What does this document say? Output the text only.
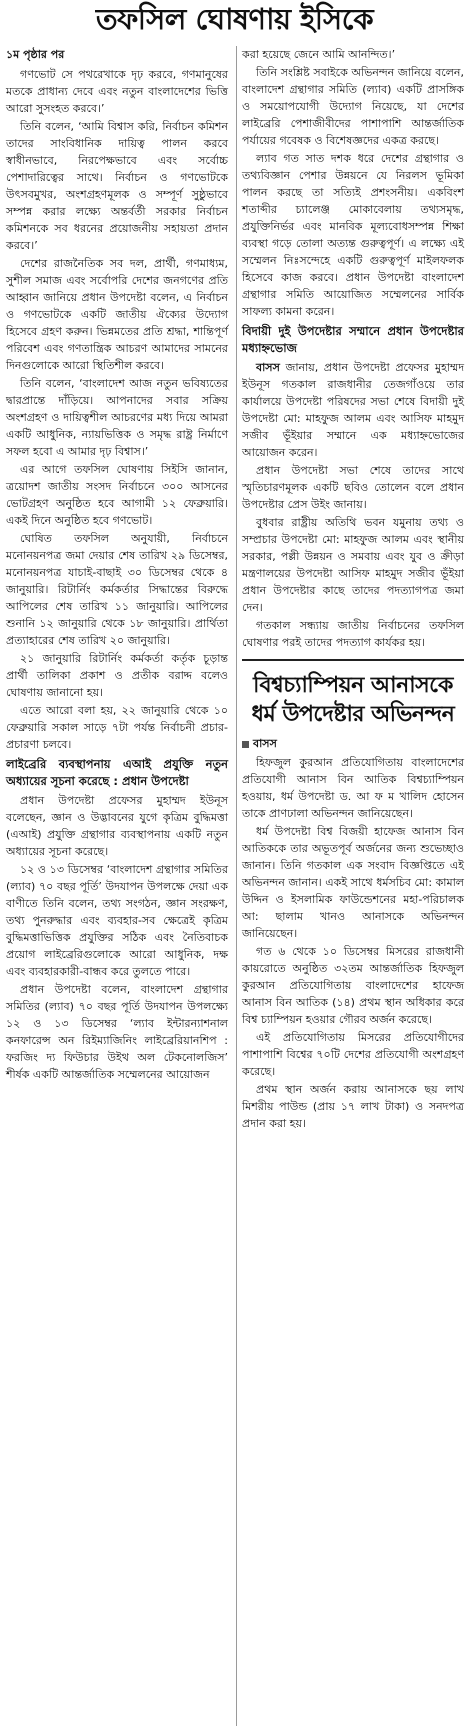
তফসিল ঘোষণায় ইসিকে

১ম পৃষ্ঠার পর

গণভোট সে পথরেখাকে দৃঢ় করবে, গণমানুষের মতকে প্রাধান্য দেবে এবং নতুন বাংলাদেশের ভিত্তি আরো সুসংহত করবে।’

তিনি বলেন, ‘আমি বিশ্বাস করি, নির্বাচন কমিশন তাদের সাংবিধানিক দায়িত্ব পালন করবে স্বাধীনভাবে, নিরপেক্ষভাবে এবং সর্বোচ্চ পেশাদারিত্বের সাথে। নির্বাচন ও গণভোটকে উৎসবমুখর, অংশগ্রহণমূলক ও সম্পূর্ণ সুষ্ঠুভাবে সম্পন্ন করার লক্ষ্যে অন্তর্বর্তী সরকার নির্বাচন কমিশনকে সব ধরনের প্রয়োজনীয় সহায়তা প্রদান করবে।’

দেশের রাজনৈতিক সব দল, প্রার্থী, গণমাধ্যম, সুশীল সমাজ এবং সর্বোপরি দেশের জনগণের প্রতি আহ্বান জানিয়ে প্রধান উপদেষ্টা বলেন, এ নির্বাচন ও গণভোটকে একটি জাতীয় ঐক্যের উদ্যোগ হিসেবে গ্রহণ করুন। ভিন্নমতের প্রতি শ্রদ্ধা, শান্তিপূর্ণ পরিবেশ এবং গণতান্ত্রিক আচরণ আমাদের সামনের দিনগুলোকে আরো স্থিতিশীল করবে।

তিনি বলেন, ‘বাংলাদেশ আজ নতুন ভবিষ্যতের দ্বারপ্রান্তে দাঁড়িয়ে। আপনাদের সবার সক্রিয় অংশগ্রহণ ও দায়িত্বশীল আচরণের মধ্য দিয়ে আমরা একটি আধুনিক, ন্যায়ভিত্তিক ও সমৃদ্ধ রাষ্ট্র নির্মাণে সফল হবো এ আমার দৃঢ় বিশ্বাস।’

এর আগে তফসিল ঘোষণায় সিইসি জানান, ত্রয়োদশ জাতীয় সংসদ নির্বাচনে ৩০০ আসনের ভোটগ্রহণ অনুষ্ঠিত হবে আগামী ১২ ফেব্রুয়ারি। একই দিনে অনুষ্ঠিত হবে গণভোট।

ঘোষিত তফসিল অনুযায়ী, নির্বাচনে মনোনয়নপত্র জমা দেয়ার শেষ তারিখ ২৯ ডিসেম্বর, মনোনয়নপত্র যাচাই-বাছাই ৩০ ডিসেম্বর থেকে ৪ জানুয়ারি। রিটার্নিং কর্মকর্তার সিদ্ধান্তের বিরুদ্ধে আপিলের শেষ তারিখ ১১ জানুয়ারি। আপিলের শুনানি ১২ জানুয়ারি থেকে ১৮ জানুয়ারি। প্রার্থিতা প্রত্যাহারের শেষ তারিখ ২০ জানুয়ারি।

২১ জানুয়ারি রিটার্নিং কর্মকর্তা কর্তৃক চূড়ান্ত প্রার্থী তালিকা প্রকাশ ও প্রতীক বরাদ্দ বলেও ঘোষণায় জানানো হয়।

এতে আরো বলা হয়, ২২ জানুয়ারি থেকে ১০ ফেব্রুয়ারি সকাল সাড়ে ৭টা পর্যন্ত নির্বাচনী প্রচার-প্রচারণা চলবে।

লাইব্রেরি ব্যবস্থাপনায় এআই প্রযুক্তি নতুন অধ্যায়ের সূচনা করেছে : প্রধান উপদেষ্টা

প্রধান উপদেষ্টা প্রফেসর মুহাম্মদ ইউনূস বলেছেন, জ্ঞান ও উদ্ভাবনের যুগে কৃত্রিম বুদ্ধিমত্তা (এআই) প্রযুক্তি গ্রন্থাগার ব্যবস্থাপনায় একটি নতুন অধ্যায়ের সূচনা করেছে।

১২ ও ১৩ ডিসেম্বর ‘বাংলাদেশ গ্রন্থাগার সমিতির (ল্যাব) ৭০ বছর পূর্তি’ উদযাপন উপলক্ষে দেয়া এক বাণীতে তিনি বলেন, তথ্য সংগঠন, জ্ঞান সংরক্ষণ, তথ্য পুনরুদ্ধার এবং ব্যবহার-সব ক্ষেত্রেই কৃত্রিম বুদ্ধিমত্তাভিত্তিক প্রযুক্তির সঠিক এবং নৈতিবাচক প্রয়োগ লাইব্রেরিগুলোকে আরো আধুনিক, দক্ষ এবং ব্যবহারকারী-বান্ধব করে তুলতে পারে।

প্রধান উপদেষ্টা বলেন, বাংলাদেশ গ্রন্থাগার সমিতির (ল্যাব) ৭০ বছর পূর্তি উদযাপন উপলক্ষ্যে ১২ ও ১৩ ডিসেম্বর ‘ল্যাব ইন্টারন্যাশনাল কনফারেন্স অন রিইম্যাজিনিং লাইব্রেরিয়ানশিপ : ফরজিং দ্য ফিউচার উইথ অল টেকনোলজিস’ শীর্ষক একটি আন্তর্জাতিক সম্মেলনের আয়োজন

করা হয়েছে জেনে আমি আনন্দিত।’

তিনি সংশ্লিষ্ট সবাইকে অভিনন্দন জানিয়ে বলেন, বাংলাদেশ গ্রন্থাগার সমিতি (ল্যাব) একটি প্রাসঙ্গিক ও সময়োপযোগী উদ্যোগ নিয়েছে, যা দেশের লাইব্রেরি পেশাজীবীদের পাশাপাশি আন্তর্জাতিক পর্যায়ের গবেষক ও বিশেষজ্ঞদের একত্র করছে।

ল্যাব গত সাত দশক ধরে দেশের গ্রন্থাগার ও তথ্যবিজ্ঞান পেশার উন্নয়নে যে নিরলস ভূমিকা পালন করছে তা সত্যিই প্রশংসনীয়। একবিংশ শতাব্দীর চ্যালেঞ্জ মোকাবেলায় তথ্যসমৃদ্ধ, প্রযুক্তিনির্ভর এবং মানবিক মূল্যবোধসম্পন্ন শিক্ষা ব্যবস্থা গড়ে তোলা অত্যন্ত গুরুত্বপূর্ণ। এ লক্ষ্যে এই সম্মেলন নিঃসন্দেহে একটি গুরুত্বপূর্ণ মাইলফলক হিসেবে কাজ করবে। প্রধান উপদেষ্টা বাংলাদেশ গ্রন্থাগার সমিতি আয়োজিত সম্মেলনের সার্বিক সাফল্য কামনা করেন।

বিদায়ী দুই উপদেষ্টার সম্মানে প্রধান উপদেষ্টার মধ্যাহ্নভোজ

বাসস জানায়, প্রধান উপদেষ্টা প্রফেসর মুহাম্মদ ইউনূস গতকাল রাজধানীর তেজগাঁওয়ে তার কার্যালয়ে উপদেষ্টা পরিষদের সভা শেষে বিদায়ী দুই উপদেষ্টা মো: মাহফুজ আলম এবং আসিফ মাহমুদ সজীব ভূঁইয়ার সম্মানে এক মধ্যাহ্নভোজের আয়োজন করেন।

প্রধান উপদেষ্টা সভা শেষে তাদের সাথে স্মৃতিচারণমূলক একটি ছবিও তোলেন বলে প্রধান উপদেষ্টার প্রেস উইং জানায়।

বুধবার রাষ্ট্রীয় অতিথি ভবন যমুনায় তথ্য ও সম্প্রচার উপদেষ্টা মো: মাহফুজ আলম এবং স্থানীয় সরকার, পল্লী উন্নয়ন ও সমবায় এবং যুব ও ক্রীড়া মন্ত্রণালয়ের উপদেষ্টা আসিফ মাহমুদ সজীব ভূঁইয়া প্রধান উপদেষ্টার কাছে তাদের পদত্যাগপত্র জমা দেন।

গতকাল সন্ধ্যায় জাতীয় নির্বাচনের তফসিল ঘোষণার পরই তাদের পদত্যাগ কার্যকর হয়।

বিশ্বচ্যাম্পিয়ন আনাসকে ধর্ম উপদেষ্টার অভিনন্দন

বাসস

হিফজুল কুরআন প্রতিযোগিতায় বাংলাদেশের প্রতিযোগী আনাস বিন আতিক বিশ্বচ্যাম্পিয়ন হওয়ায়, ধর্ম উপদেষ্টা ড. আ ফ ম খালিদ হোসেন তাকে প্রাণঢালা অভিনন্দন জানিয়েছেন।

ধর্ম উপদেষ্টা বিশ্ব বিজয়ী হাফেজ আনাস বিন আতিককে তার অভূতপূর্ব অর্জনের জন্য শুভেচ্ছাও জানান। তিনি গতকাল এক সংবাদ বিজ্ঞপ্তিতে এই অভিনন্দন জানান। একই সাথে ধর্মসচিব মো: কামাল উদ্দিন ও ইসলামিক ফাউন্ডেশনের মহা-পরিচালক আ: ছালাম খানও আনাসকে অভিনন্দন জানিয়েছেন।

গত ৬ থেকে ১০ ডিসেম্বর মিসরের রাজধানী কায়রোতে অনুষ্ঠিত ৩২তম আন্তর্জাতিক হিফজুল কুরআন প্রতিযোগিতায় বাংলাদেশের হাফেজ আনাস বিন আতিক (১৪) প্রথম স্থান অধিকার করে বিশ্ব চ্যাম্পিয়ন হওয়ার গৌরব অর্জন করেছে।

এই প্রতিযোগিতায় মিসরের প্রতিযোগীদের পাশাপাশি বিশ্বের ৭০টি দেশের প্রতিযোগী অংশগ্রহণ করেছে।

প্রথম স্থান অর্জন করায় আনাসকে ছয় লাখ মিশরীয় পাউন্ড (প্রায় ১৭ লাখ টাকা) ও সনদপত্র প্রদান করা হয়।
